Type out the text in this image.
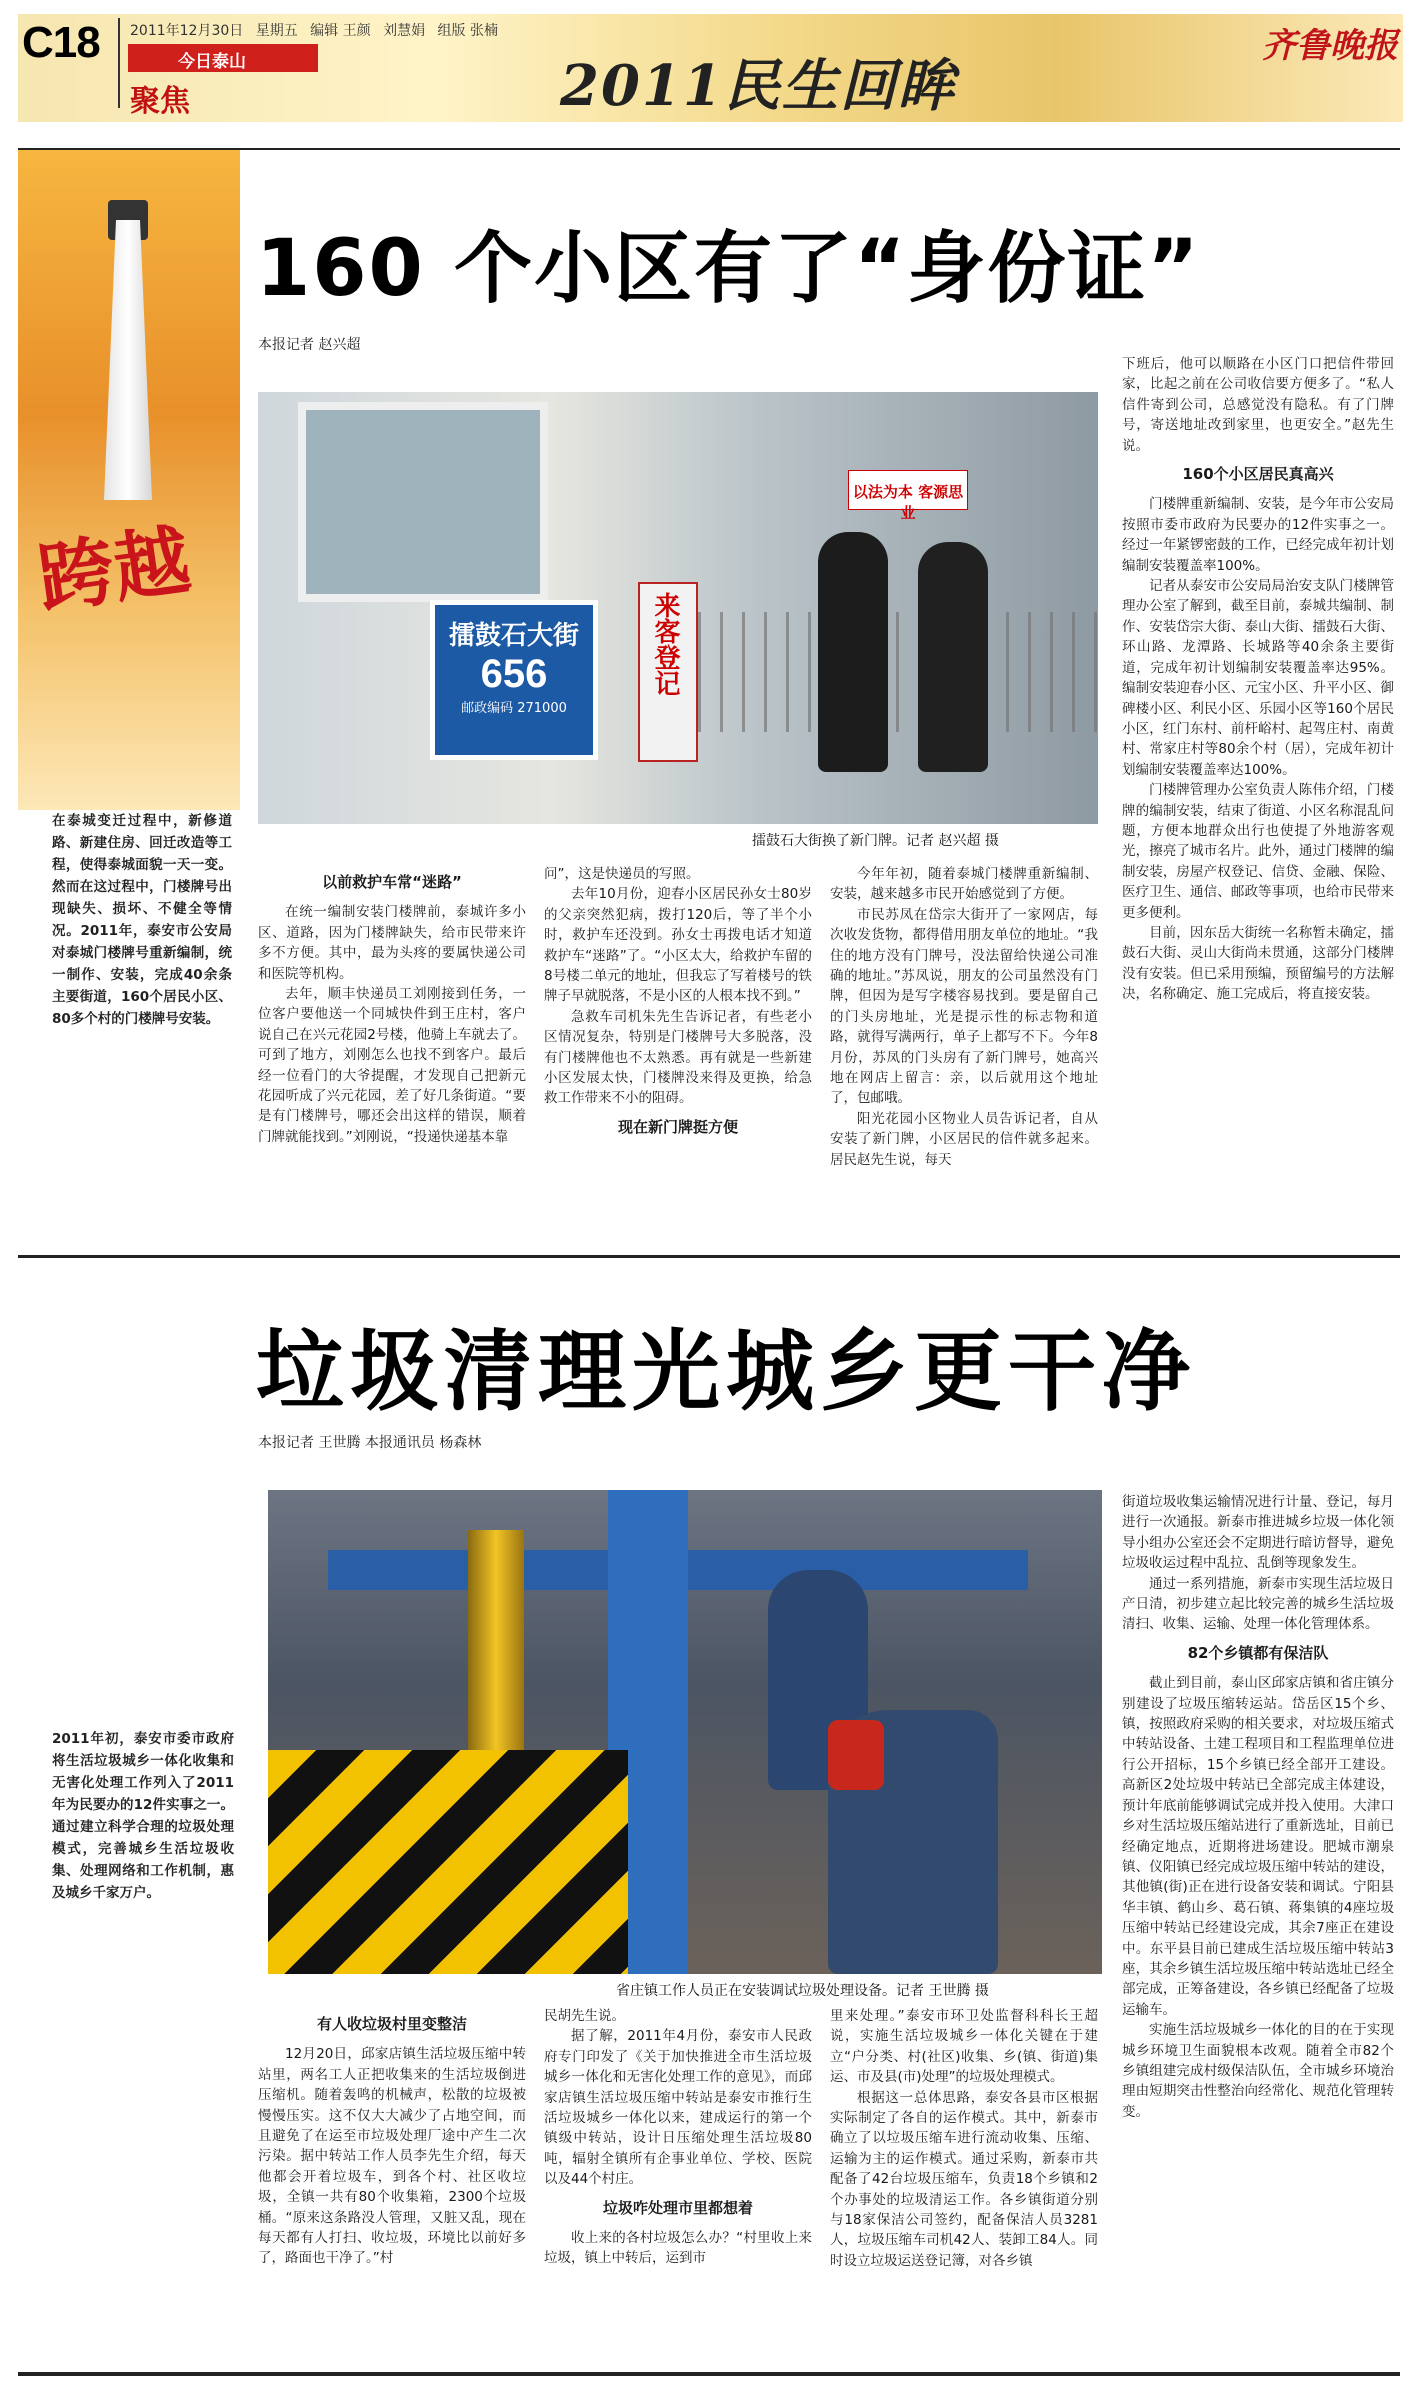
C18 2011年12月30日 星期五 编辑 王颜 刘慧娟 组版 张楠
今日泰山
聚焦	2011民生回眸
齐鲁晚报
跨越
在泰城变迁过程中，新修道路、新建住房、回迁改造等工程，使得泰城面貌一天一变。然而在这过程中，门楼牌号出现缺失、损坏、不健全等情况。2011年，泰安市公安局对泰城门楼牌号重新编制，统一制作、安装，完成40余条主要街道，160个居民小区、80多个村的门楼牌号安装。
160 个小区有了“身份证”
本报记者 赵兴超
擂鼓石大街
656
邮政编码 271000
来客登记
以法为本 客源思业
擂鼓石大街换了新门牌。记者 赵兴超 摄
以前救护车常“迷路”

在统一编制安装门楼牌前，泰城许多小区、道路，因为门楼牌缺失，给市民带来许多不方便。其中，最为头疼的要属快递公司和医院等机构。

去年，顺丰快递员工刘刚接到任务，一位客户要他送一个同城快件到王庄村，客户说自己在兴元花园2号楼，他骑上车就去了。可到了地方，刘刚怎么也找不到客户。最后经一位看门的大爷提醒，才发现自己把新元花园听成了兴元花园，差了好几条街道。“要是有门楼牌号，哪还会出这样的错误，顺着门牌就能找到。”刘刚说，“投递快递基本靠

问”，这是快递员的写照。

去年10月份，迎春小区居民孙女士80岁的父亲突然犯病，拨打120后，等了半个小时，救护车还没到。孙女士再拨电话才知道救护车“迷路”了。“小区太大，给救护车留的8号楼二单元的地址，但我忘了写着楼号的铁牌子早就脱落，不是小区的人根本找不到。”

急救车司机朱先生告诉记者，有些老小区情况复杂，特别是门楼牌号大多脱落，没有门楼牌他也不太熟悉。再有就是一些新建小区发展太快，门楼牌没来得及更换，给急救工作带来不小的阻碍。

现在新门牌挺方便

今年年初，随着泰城门楼牌重新编制、安装，越来越多市民开始感觉到了方便。

市民苏凤在岱宗大街开了一家网店，每次收发货物，都得借用朋友单位的地址。“我住的地方没有门牌号，没法留给快递公司准确的地址。”苏凤说，朋友的公司虽然没有门牌，但因为是写字楼容易找到。要是留自己的门头房地址，光是提示性的标志物和道路，就得写满两行，单子上都写不下。今年8月份，苏凤的门头房有了新门牌号，她高兴地在网店上留言：亲，以后就用这个地址了，包邮哦。

阳光花园小区物业人员告诉记者，自从安装了新门牌，小区居民的信件就多起来。居民赵先生说，每天

下班后，他可以顺路在小区门口把信件带回家，比起之前在公司收信要方便多了。“私人信件寄到公司，总感觉没有隐私。有了门牌号，寄送地址改到家里，也更安全。”赵先生说。

160个小区居民真高兴

门楼牌重新编制、安装，是今年市公安局按照市委市政府为民要办的12件实事之一。经过一年紧锣密鼓的工作，已经完成年初计划编制安装覆盖率100%。

记者从泰安市公安局局治安支队门楼牌管理办公室了解到，截至目前，泰城共编制、制作、安装岱宗大街、泰山大街、擂鼓石大街、环山路、龙潭路、长城路等40余条主要街道，完成年初计划编制安装覆盖率达95%。编制安装迎春小区、元宝小区、升平小区、御碑楼小区、利民小区、乐园小区等160个居民小区，红门东村、前杆峪村、起驾庄村、南黄村、常家庄村等80余个村（居），完成年初计划编制安装覆盖率达100%。

门楼牌管理办公室负责人陈伟介绍，门楼牌的编制安装，结束了街道、小区名称混乱问题，方便本地群众出行也使提了外地游客观光，擦亮了城市名片。此外，通过门楼牌的编制安装，房屋产权登记、信贷、金融、保险、医疗卫生、通信、邮政等事项，也给市民带来更多便利。

目前，因东岳大街统一名称暂未确定，擂鼓石大街、灵山大街尚未贯通，这部分门楼牌没有安装。但已采用预编，预留编号的方法解决，名称确定、施工完成后，将直接安装。

垃圾清理光城乡更干净
本报记者 王世腾 本报通讯员 杨森林
2011年初，泰安市委市政府将生活垃圾城乡一体化收集和无害化处理工作列入了2011年为民要办的12件实事之一。通过建立科学合理的垃圾处理模式，完善城乡生活垃圾收集、处理网络和工作机制，惠及城乡千家万户。
省庄镇工作人员正在安装调试垃圾处理设备。记者 王世腾 摄
有人收垃圾村里变整洁

12月20日，邱家店镇生活垃圾压缩中转站里，两名工人正把收集来的生活垃圾倒进压缩机。随着轰鸣的机械声，松散的垃圾被慢慢压实。这不仅大大减少了占地空间，而且避免了在运至市垃圾处理厂途中产生二次污染。据中转站工作人员李先生介绍，每天他都会开着垃圾车，到各个村、社区收垃圾，全镇一共有80个收集箱，2300个垃圾桶。“原来这条路没人管理，又脏又乱，现在每天都有人打扫、收垃圾，环境比以前好多了，路面也干净了。”村

民胡先生说。

据了解，2011年4月份，泰安市人民政府专门印发了《关于加快推进全市生活垃圾城乡一体化和无害化处理工作的意见》，而邱家店镇生活垃圾压缩中转站是泰安市推行生活垃圾城乡一体化以来，建成运行的第一个镇级中转站，设计日压缩处理生活垃圾80吨，辐射全镇所有企事业单位、学校、医院以及44个村庄。

垃圾咋处理市里都想着

收上来的各村垃圾怎么办？“村里收上来垃圾，镇上中转后，运到市

里来处理。”泰安市环卫处监督科科长王超说，实施生活垃圾城乡一体化关键在于建立“户分类、村(社区)收集、乡(镇、街道)集运、市及县(市)处理”的垃圾处理模式。

根据这一总体思路，泰安各县市区根据实际制定了各自的运作模式。其中，新泰市确立了以垃圾压缩车进行流动收集、压缩、运输为主的运作模式。通过采购，新泰市共配备了42台垃圾压缩车，负责18个乡镇和2个办事处的垃圾清运工作。各乡镇街道分别与18家保洁公司签约，配备保洁人员3281人，垃圾压缩车司机42人、装卸工84人。同时设立垃圾运送登记簿，对各乡镇

街道垃圾收集运输情况进行计量、登记，每月进行一次通报。新泰市推进城乡垃圾一体化领导小组办公室还会不定期进行暗访督导，避免垃圾收运过程中乱拉、乱倒等现象发生。

通过一系列措施，新泰市实现生活垃圾日产日清，初步建立起比较完善的城乡生活垃圾清扫、收集、运输、处理一体化管理体系。

82个乡镇都有保洁队

截止到目前，泰山区邱家店镇和省庄镇分别建设了垃圾压缩转运站。岱岳区15个乡、镇，按照政府采购的相关要求，对垃圾压缩式中转站设备、土建工程项目和工程监理单位进行公开招标，15个乡镇已经全部开工建设。高新区2处垃圾中转站已全部完成主体建设，预计年底前能够调试完成并投入使用。大津口乡对生活垃圾压缩站进行了重新选址，目前已经确定地点，近期将进场建设。肥城市潮泉镇、仪阳镇已经完成垃圾压缩中转站的建设，其他镇(街)正在进行设备安装和调试。宁阳县华丰镇、鹤山乡、葛石镇、蒋集镇的4座垃圾压缩中转站已经建设完成，其余7座正在建设中。东平县目前已建成生活垃圾压缩中转站3座，其余乡镇生活垃圾压缩中转站选址已经全部完成，正筹备建设，各乡镇已经配备了垃圾运输车。

实施生活垃圾城乡一体化的目的在于实现城乡环境卫生面貌根本改观。随着全市82个乡镇组建完成村级保洁队伍，全市城乡环境治理由短期突击性整治向经常化、规范化管理转变。
